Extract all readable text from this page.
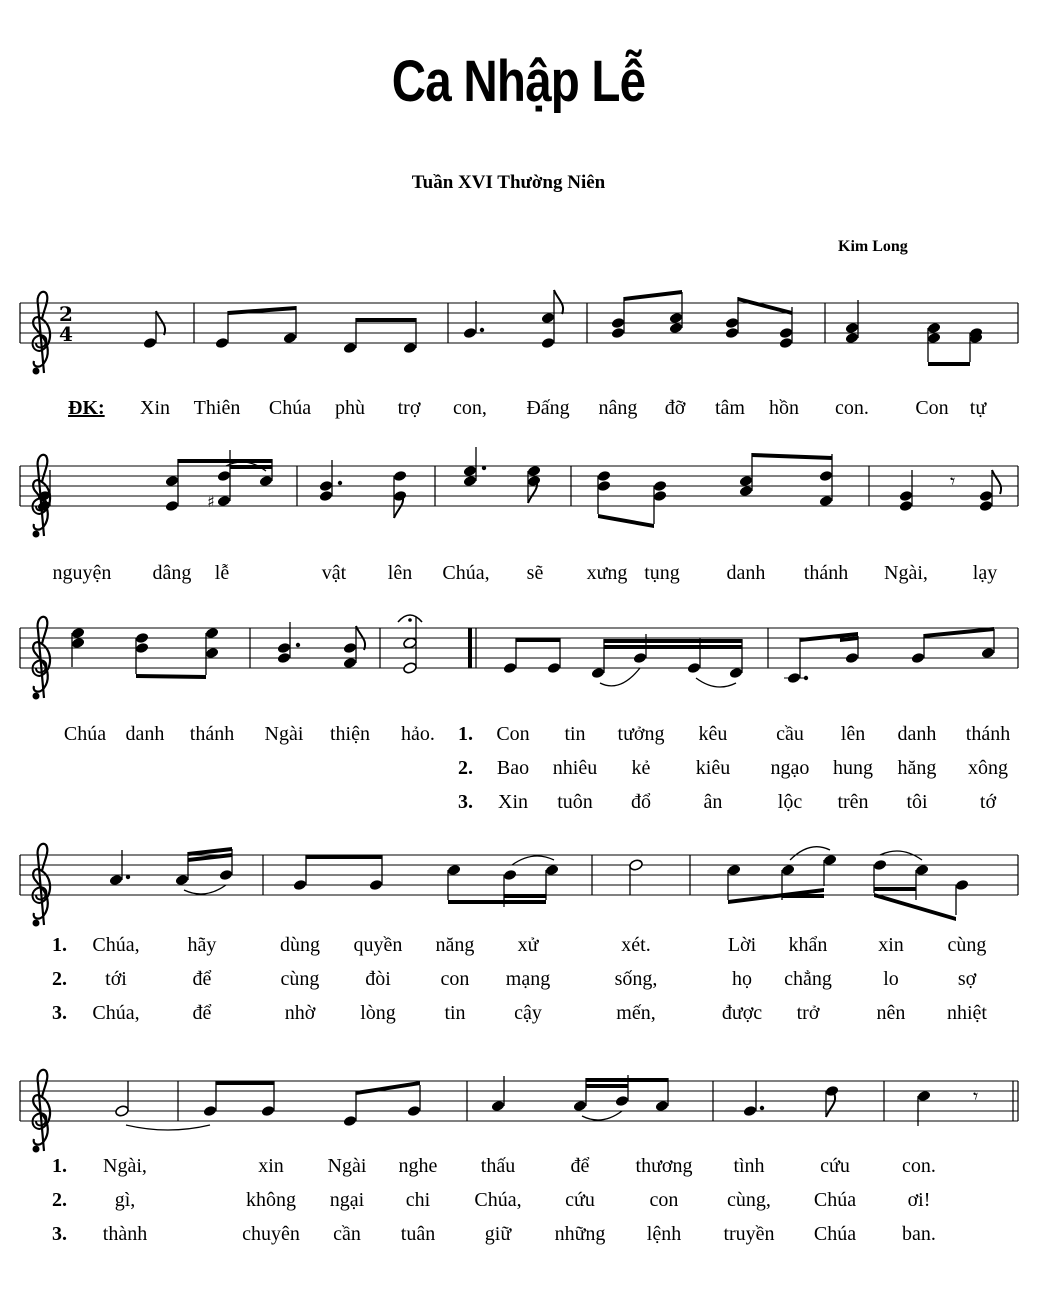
Ca Nhập Lễ
Tuần XVI Thường Niên
Kim Long
2
4
♯
𝄾
𝄾
ĐK: Xin Thiên Chúa phù trợ con, Đấng nâng đỡ tâm hồn con. Con tự
nguyện dâng lễ	vật lên Chúa, sẽ xưng tụng danh thánh Ngài, lạy
Chúa danh thánh Ngài thiện hảo. 1. Con tin tưởng kêu cầu lên danh thánh
2. Bao nhiêu kẻ kiêu ngạo hung hăng xông
3. Xin tuôn đổ	ân	lộc trên tôi	tớ
1. Chúa, hãy	dùng quyền năng xử	xét.	Lời khẩn	xin cùng
2. tới	để	cùng đòi con mạng	sống,	họ chẳng	lo	sợ
3. Chúa,	để	nhờ lòng tin cậy	mến,	được trở	nên nhiệt
1. Ngài,	xin Ngài nghe thấu	để thương tình	cứu	con.
2. gì,	không ngại chi Chúa, cứu	con cùng, Chúa	ơi!
3. thành	chuyên cần tuân giữ những lệnh truyền Chúa ban.
